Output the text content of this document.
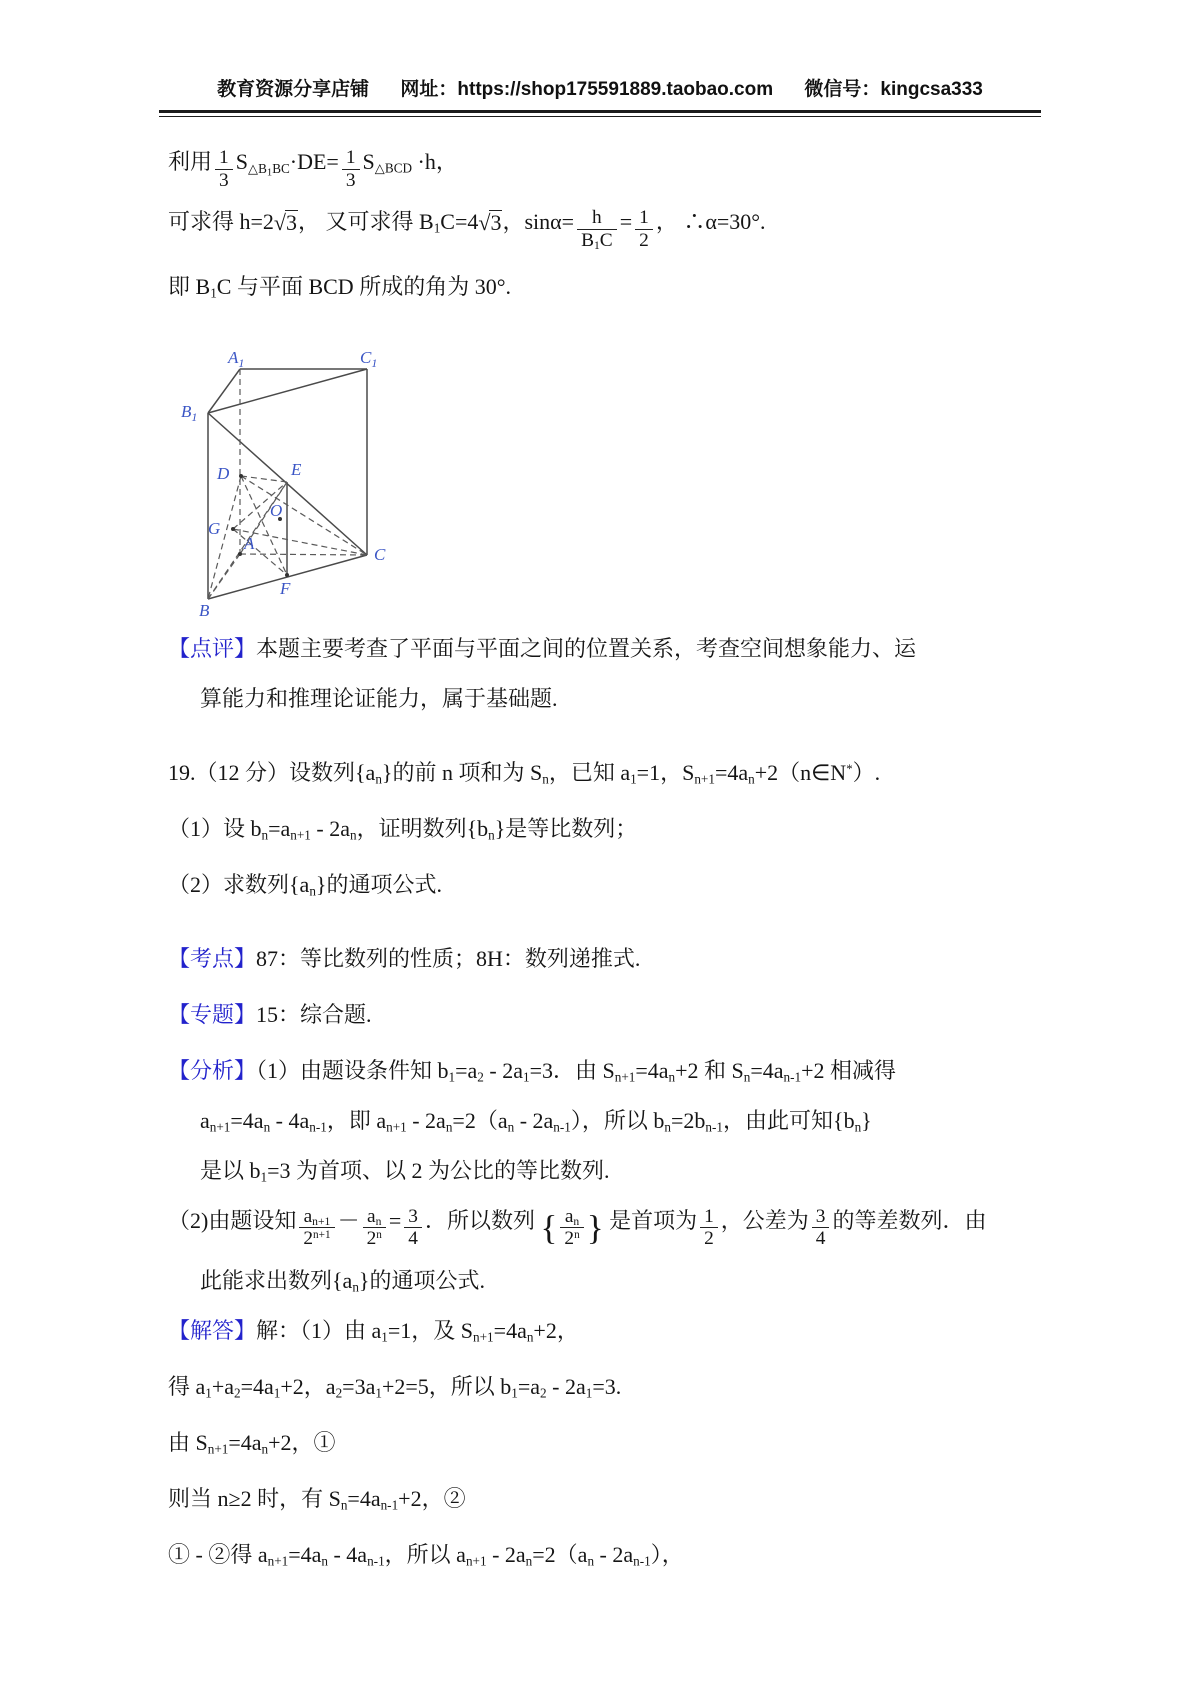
教育资源分享店铺 网址：https://shop175591889.taobao.com 微信号：kingcsa333

利用 $\frac{1}{3} S_{\triangle B_1BC}\cdot DE= \frac{1}{3} S_{\triangle BCD} \cdot h$，

可求得 h=2√3， 又可求得 $B_1C=4√3$，$\sin\alpha= \frac{h}{B_1C} = \frac{1}{2}$ ， ∴α=30°.

即 $B_1C$ 与平面 BCD 所成的角为 30°.

$A_1$	$C_1$
$B_1$
D	E
G
O
A
C
F
B

【点评】本题主要考查了平面与平面之间的位置关系，考查空间想象能力、运

算能力和推理论证能力，属于基础题.

19.（12 分）设数列$\{a_n\}$的前 n 项和为 $S_n$，已知 $a_1=1$，$S_{n+1}=4a_n+2(n\in N^*)$.

（1）设 $b_n=a_{n+1} - 2a_n$，证明数列$\{b_n\}$是等比数列；

（2）求数列$\{a_n\}$的通项公式.

【考点】87：等比数列的性质；8H：数列递推式.

【专题】15：综合题.

【分析】（1）由题设条件知 $b_1=a_2 - 2a_1=3$．由 $S_{n+1}=4a_n+2$ 和 $S_n=4a_{n-1}+2$ 相减得

$a_{n+1}=4a_n - 4a_{n-1}$，即 $a_{n+1} - 2a_n=2(a_n - 2a_{n-1})$，所以 $b_n=2b_{n-1}$，由此可知$\{b_n\}$

是以 $b_1=3$ 为首项、以 2 为公比的等比数列.

（2)由题设知 $\frac{a_{n+1}}{2^{n+1}} - \frac{a_n}{2^n} = \frac{3}{4}$ ．所以数列 { $\frac{a_n}{2^n}$ } 是首项为 $\frac{1}{2}$ ，公差为 $\frac{3}{4}$ 的等差数列．由

此能求出数列$\{a_n\}$的通项公式.

【解答】解：（1）由 $a_1=1$，及 $S_{n+1}=4a_n+2$，

得 $a_1+a_2=4a_1+2$，$a_2=3a_1+2=5$，所以 $b_1=a_2 - 2a_1=3$.

由 $S_{n+1}=4a_n+2$，①

则当 n≥2 时，有 $S_n=4a_{n-1}+2$，②

① - ②得 $a_{n+1}=4a_n - 4a_{n-1}$，所以 $a_{n+1} - 2a_n=2(a_n - 2a_{n-1})$，
